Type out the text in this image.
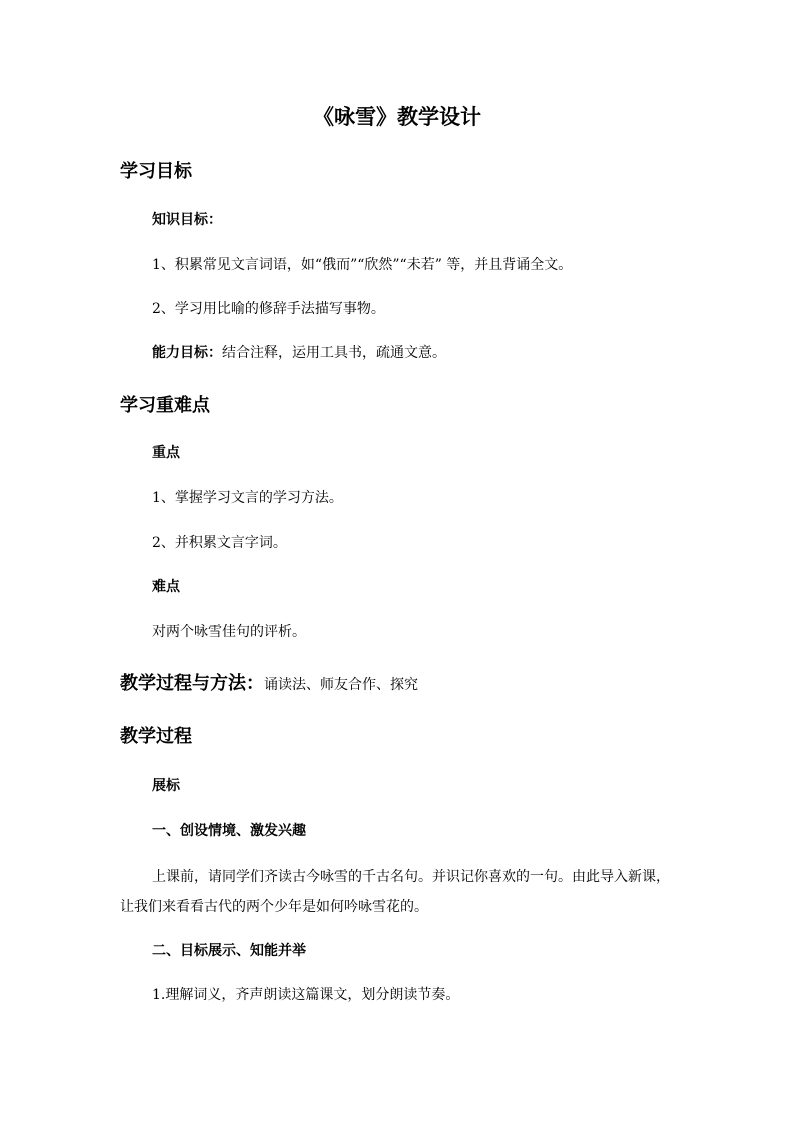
《咏雪》教学设计
学习目标
知识目标：
1、积累常见文言词语，如“俄而”“欣然”“未若” 等，并且背诵全文。
2、学习用比喻的修辞手法描写事物。
能力目标：结合注释，运用工具书，疏通文意。
学习重难点
重点
1、掌握学习文言的学习方法。
2、并积累文言字词。
难点
对两个咏雪佳句的评析。
教学过程与方法：诵读法、师友合作、探究
教学过程
展标
一、创设情境、激发兴趣
上课前，请同学们齐读古今咏雪的千古名句。并识记你喜欢的一句。由此导入新课，让我们来看看古代的两个少年是如何吟咏雪花的。
二、目标展示、知能并举
1.理解词义，齐声朗读这篇课文，划分朗读节奏。
